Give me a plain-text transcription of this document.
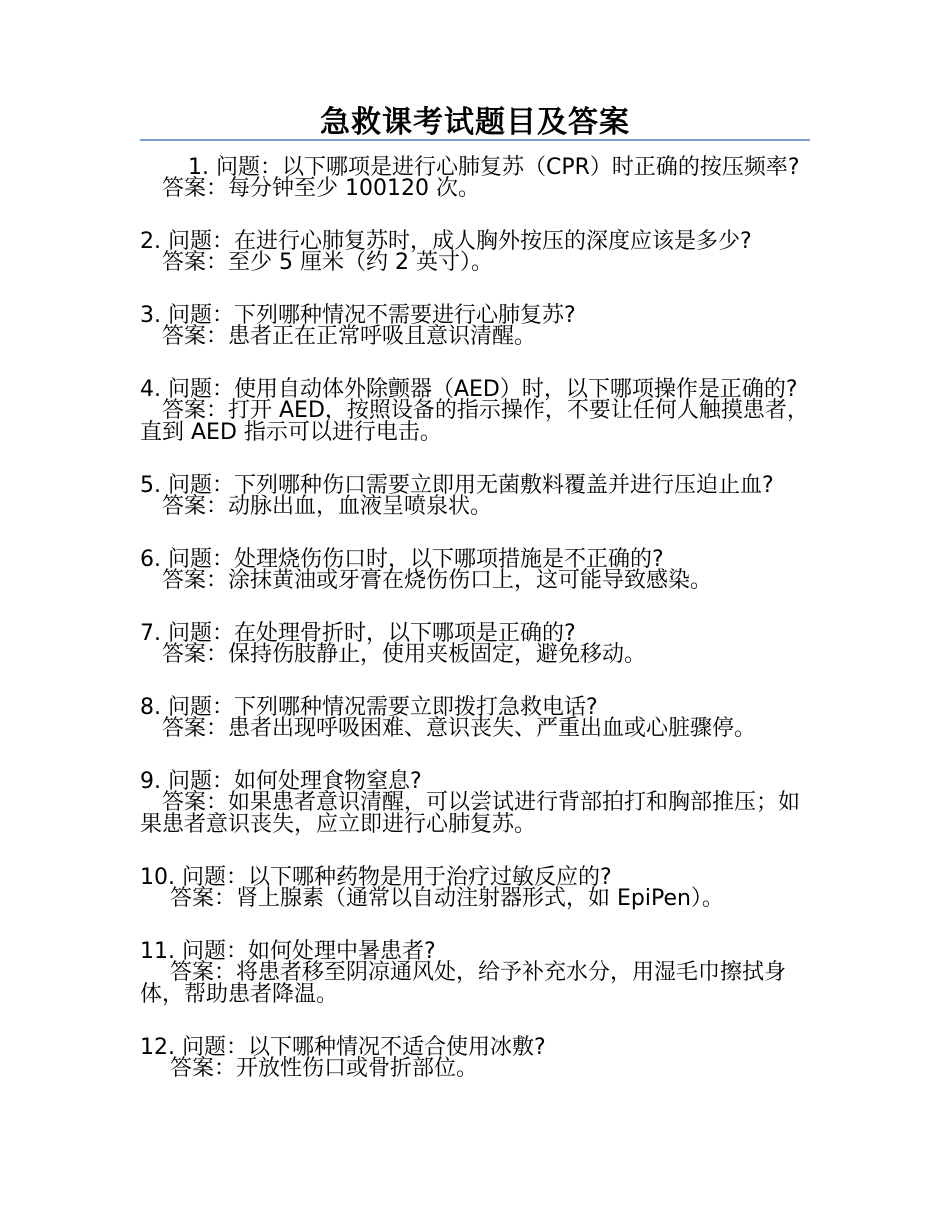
急救课考试题目及答案

1. 问题：以下哪项是进行心肺复苏（CPR）时正确的按压频率?

答案：每分钟至少 100120 次。

2. 问题：在进行心肺复苏时，成人胸外按压的深度应该是多少?

答案：至少 5 厘米（约 2 英寸）。

3. 问题：下列哪种情况不需要进行心肺复苏?

答案：患者正在正常呼吸且意识清醒。

4. 问题：使用自动体外除颤器（AED）时，以下哪项操作是正确的?

答案：打开 AED，按照设备的指示操作，不要让任何人触摸患者，直到 AED 指示可以进行电击。

5. 问题：下列哪种伤口需要立即用无菌敷料覆盖并进行压迫止血?

答案：动脉出血，血液呈喷泉状。

6. 问题：处理烧伤伤口时，以下哪项措施是不正确的?

答案：涂抹黄油或牙膏在烧伤伤口上，这可能导致感染。

7. 问题：在处理骨折时，以下哪项是正确的?

答案：保持伤肢静止，使用夹板固定，避免移动。

8. 问题：下列哪种情况需要立即拨打急救电话?

答案：患者出现呼吸困难、意识丧失、严重出血或心脏骤停。

9. 问题：如何处理食物窒息?

答案：如果患者意识清醒，可以尝试进行背部拍打和胸部推压；如果患者意识丧失，应立即进行心肺复苏。

10. 问题：以下哪种药物是用于治疗过敏反应的?

答案：肾上腺素（通常以自动注射器形式，如 EpiPen）。

11. 问题：如何处理中暑患者?

答案：将患者移至阴凉通风处，给予补充水分，用湿毛巾擦拭身体，帮助患者降温。

12. 问题：以下哪种情况不适合使用冰敷?

答案：开放性伤口或骨折部位。
